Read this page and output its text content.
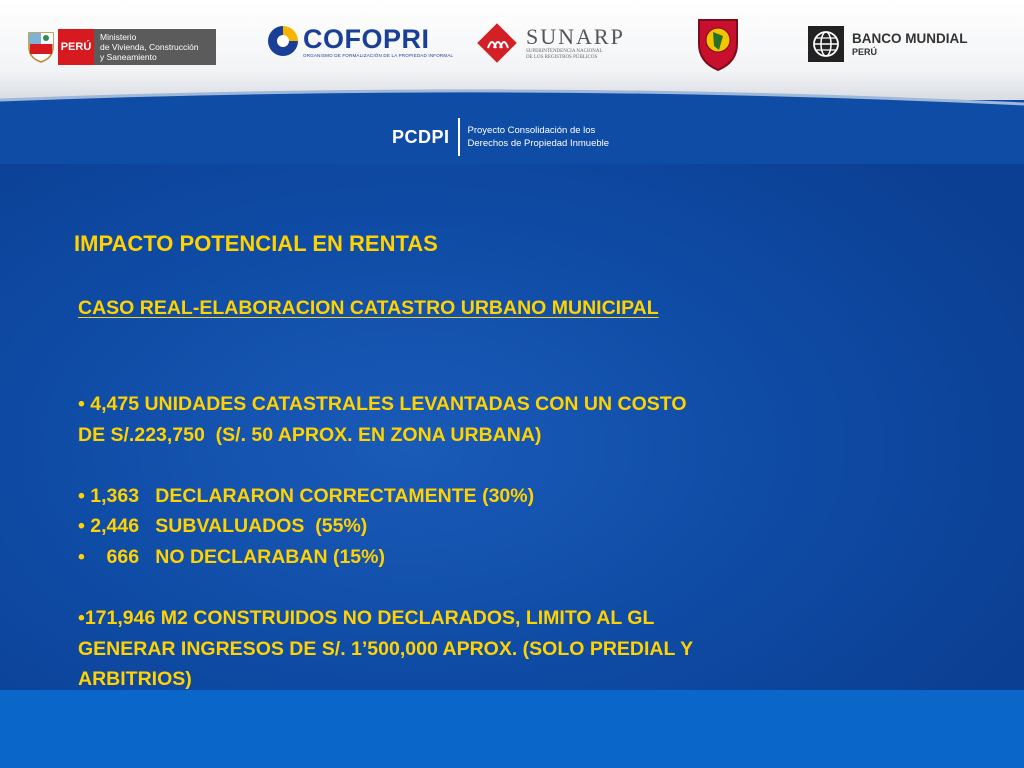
PERÚ
Ministerio
de Vivienda, Construcción
y Saneamiento
COFOPRI
ORGANISMO DE FORMALIZACIÓN DE LA PROPIEDAD INFORMAL
SUNARP
SUPERINTENDENCIA NACIONAL
DE LOS REGISTROS PÚBLICOS
BANCO MUNDIAL
PERÚ
PCDPI Proyecto Consolidación de los
Derechos de Propiedad Inmueble
IMPACTO POTENCIAL EN RENTAS
CASO REAL-ELABORACION CATASTRO URBANO MUNICIPAL
• 4,475 UNIDADES CATASTRALES LEVANTADAS CON UN COSTO
DE S/.223,750  (S/. 50 APROX. EN ZONA URBANA)
• 1,363   DECLARARON CORRECTAMENTE (30%)
• 2,446   SUBVALUADOS  (55%)
•    666   NO DECLARABAN (15%)
•171,946 M2 CONSTRUIDOS NO DECLARADOS, LIMITO AL GL
GENERAR INGRESOS DE S/. 1’500,000 APROX. (SOLO PREDIAL Y
ARBITRIOS)
